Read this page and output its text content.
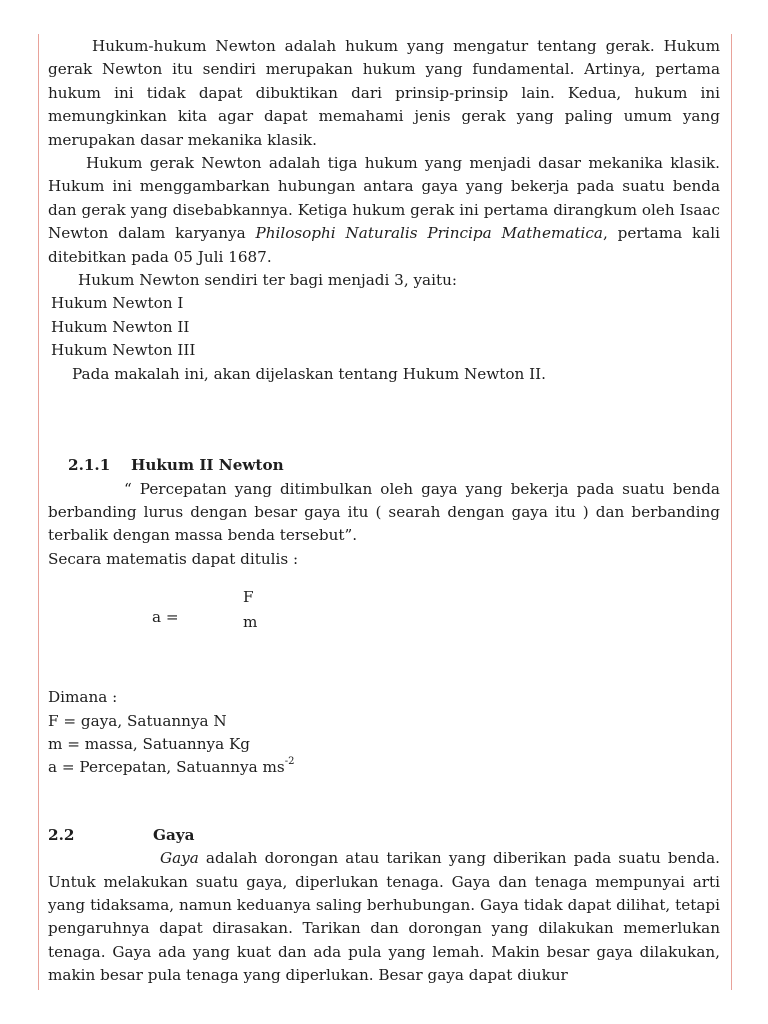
Hukum-hukum Newton adalah hukum yang mengatur tentang gerak. Hukum gerak Newton itu sendiri merupakan hukum yang fundamental. Artinya, pertama hukum ini tidak dapat dibuktikan dari prinsip-prinsip lain. Kedua, hukum ini memungkinkan kita agar dapat memahami jenis gerak yang paling umum yang merupakan dasar mekanika klasik.

Hukum gerak Newton adalah tiga hukum yang menjadi dasar mekanika klasik. Hukum ini menggambarkan hubungan antara gaya yang bekerja pada suatu benda dan gerak yang disebabkannya. Ketiga hukum gerak ini pertama dirangkum oleh Isaac Newton dalam karyanya Philosophi Naturalis Principa Mathematica, pertama kali ditebitkan pada 05 Juli 1687.

Hukum Newton sendiri ter bagi menjadi 3, yaitu:

Hukum Newton I

Hukum Newton II

Hukum Newton III

Pada makalah ini, akan dijelaskan tentang Hukum Newton II.

2.1.1 Hukum II Newton

“ Percepatan yang ditimbulkan oleh gaya yang bekerja pada suatu benda berbanding lurus dengan besar gaya itu ( searah dengan gaya itu ) dan berbanding terbalik dengan massa benda tersebut”.

Secara matematis dapat ditulis :

a =
F
m

Dimana :

F = gaya, Satuannya N

m = massa, Satuannya Kg

a = Percepatan, Satuannya $ms^{-2}$

2.2	Gaya

Gaya adalah dorongan atau tarikan yang diberikan pada suatu benda. Untuk melakukan suatu gaya, diperlukan tenaga. Gaya dan tenaga mempunyai arti yang tidaksama, namun keduanya saling berhubungan. Gaya tidak dapat dilihat, tetapi pengaruhnya dapat dirasakan. Tarikan dan dorongan yang dilakukan memerlukan tenaga. Gaya ada yang kuat dan ada pula yang lemah. Makin besar gaya dilakukan, makin besar pula tenaga yang diperlukan. Besar gaya dapat diukur
